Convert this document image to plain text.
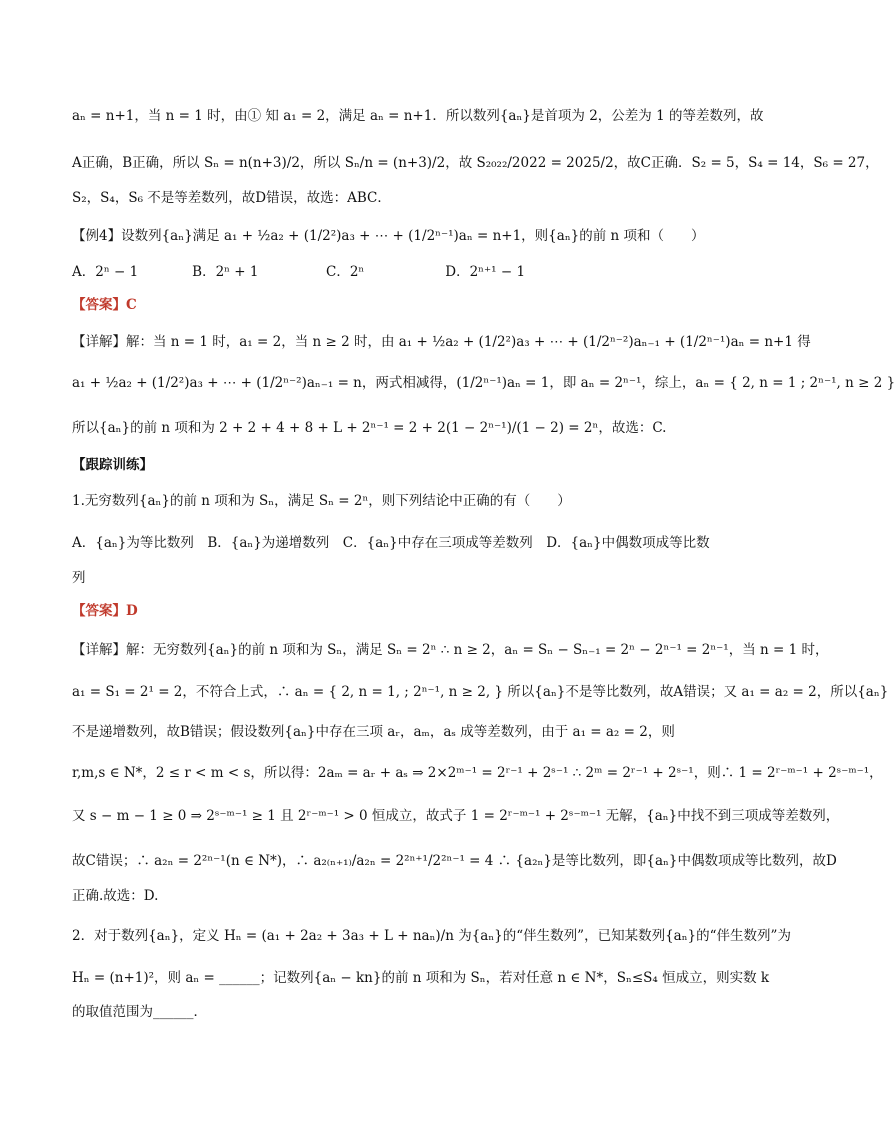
aₙ = n+1，当 n = 1 时，由① 知 a₁ = 2，满足 aₙ = n+1．所以数列{aₙ}是首项为 2，公差为 1 的等差数列，故
A正确，B正确，所以 Sₙ = n(n+3)/2，所以 Sₙ/n = (n+3)/2，故 S₂₀₂₂/2022 = 2025/2，故C正确．S₂ = 5，S₄ = 14，S₆ = 27，
S₂，S₄，S₆ 不是等差数列，故D错误，故选：ABC．
【例4】设数列{aₙ}满足 a₁ + ½a₂ + (1/2²)a₃ + ⋯ + (1/2ⁿ⁻¹)aₙ = n+1，则{aₙ}的前 n 项和（　　）
A．2ⁿ − 1　　　　B．2ⁿ + 1　　　　　C．2ⁿ　　　　　　D．2ⁿ⁺¹ − 1
【答案】C
【详解】解：当 n = 1 时，a₁ = 2，当 n ≥ 2 时，由 a₁ + ½a₂ + (1/2²)a₃ + ⋯ + (1/2ⁿ⁻²)aₙ₋₁ + (1/2ⁿ⁻¹)aₙ = n+1 得
a₁ + ½a₂ + (1/2²)a₃ + ⋯ + (1/2ⁿ⁻²)aₙ₋₁ = n，两式相减得，(1/2ⁿ⁻¹)aₙ = 1，即 aₙ = 2ⁿ⁻¹，综上，aₙ = { 2, n = 1 ; 2ⁿ⁻¹, n ≥ 2 }
所以{aₙ}的前 n 项和为 2 + 2 + 4 + 8 + L + 2ⁿ⁻¹ = 2 + 2(1 − 2ⁿ⁻¹)/(1 − 2) = 2ⁿ，故选：C.
【跟踪训练】
1.无穷数列{aₙ}的前 n 项和为 Sₙ，满足 Sₙ = 2ⁿ，则下列结论中正确的有（　　）
A．{aₙ}为等比数列　B．{aₙ}为递增数列　C．{aₙ}中存在三项成等差数列　D．{aₙ}中偶数项成等比数
列
【答案】D
【详解】解：无穷数列{aₙ}的前 n 项和为 Sₙ，满足 Sₙ = 2ⁿ ∴ n ≥ 2，aₙ = Sₙ − Sₙ₋₁ = 2ⁿ − 2ⁿ⁻¹ = 2ⁿ⁻¹，当 n = 1 时，
a₁ = S₁ = 2¹ = 2，不符合上式，∴ aₙ = { 2, n = 1, ; 2ⁿ⁻¹, n ≥ 2, } 所以{aₙ}不是等比数列，故A错误；又 a₁ = a₂ = 2，所以{aₙ}
不是递增数列，故B错误；假设数列{aₙ}中存在三项 aᵣ，aₘ，aₛ 成等差数列，由于 a₁ = a₂ = 2，则
r,m,s ∈ N*，2 ≤ r < m < s，所以得：2aₘ = aᵣ + aₛ ⇒ 2×2ᵐ⁻¹ = 2ʳ⁻¹ + 2ˢ⁻¹ ∴ 2ᵐ = 2ʳ⁻¹ + 2ˢ⁻¹，则∴ 1 = 2ʳ⁻ᵐ⁻¹ + 2ˢ⁻ᵐ⁻¹，
又 s − m − 1 ≥ 0 ⇒ 2ˢ⁻ᵐ⁻¹ ≥ 1 且 2ʳ⁻ᵐ⁻¹ > 0 恒成立，故式子 1 = 2ʳ⁻ᵐ⁻¹ + 2ˢ⁻ᵐ⁻¹ 无解，{aₙ}中找不到三项成等差数列，
故C错误；∴ a₂ₙ = 2²ⁿ⁻¹(n ∈ N*)，∴ a₂₍ₙ₊₁₎/a₂ₙ = 2²ⁿ⁺¹/2²ⁿ⁻¹ = 4 ∴ {a₂ₙ}是等比数列，即{aₙ}中偶数项成等比数列，故D
正确.故选：D.
2．对于数列{aₙ}，定义 Hₙ = (a₁ + 2a₂ + 3a₃ + L + naₙ)/n 为{aₙ}的“伴生数列”，已知某数列{aₙ}的“伴生数列”为
Hₙ = (n+1)²，则 aₙ = ______；记数列{aₙ − kn}的前 n 项和为 Sₙ，若对任意 n ∈ N*，Sₙ≤S₄ 恒成立，则实数 k
的取值范围为______．
